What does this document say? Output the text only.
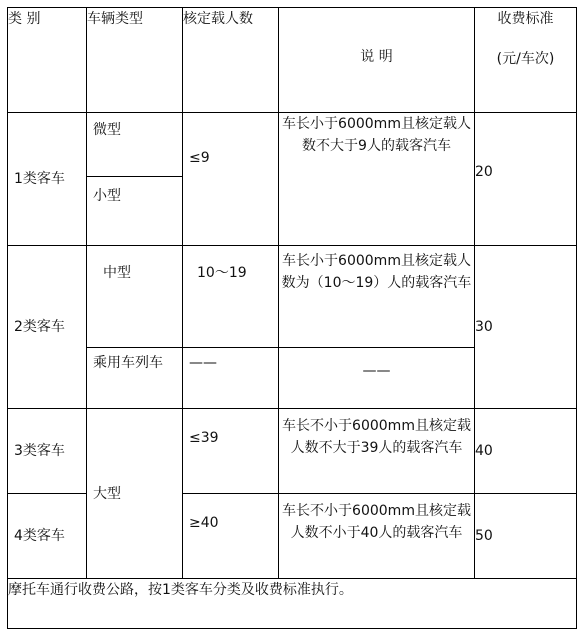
类 别	车辆类型	核定载人数	说 明	收费标准
(元/车次)

1类客车	微型	≤9	车长小于6000mm且核定载人数不大于9人的载客汽车	20
	小型			
2类客车	中型	10～19	车长小于6000mm且核定载人数为（10～19）人的载客汽车	30
	乘用车列车	——	——	
3类客车	大型	≤39	车长不小于6000mm且核定载人数不大于39人的载客汽车	40
4类客车		≥40	车长不小于6000mm且核定载人数不小于40人的载客汽车	50
摩托车通行收费公路，按1类客车分类及收费标准执行。				
